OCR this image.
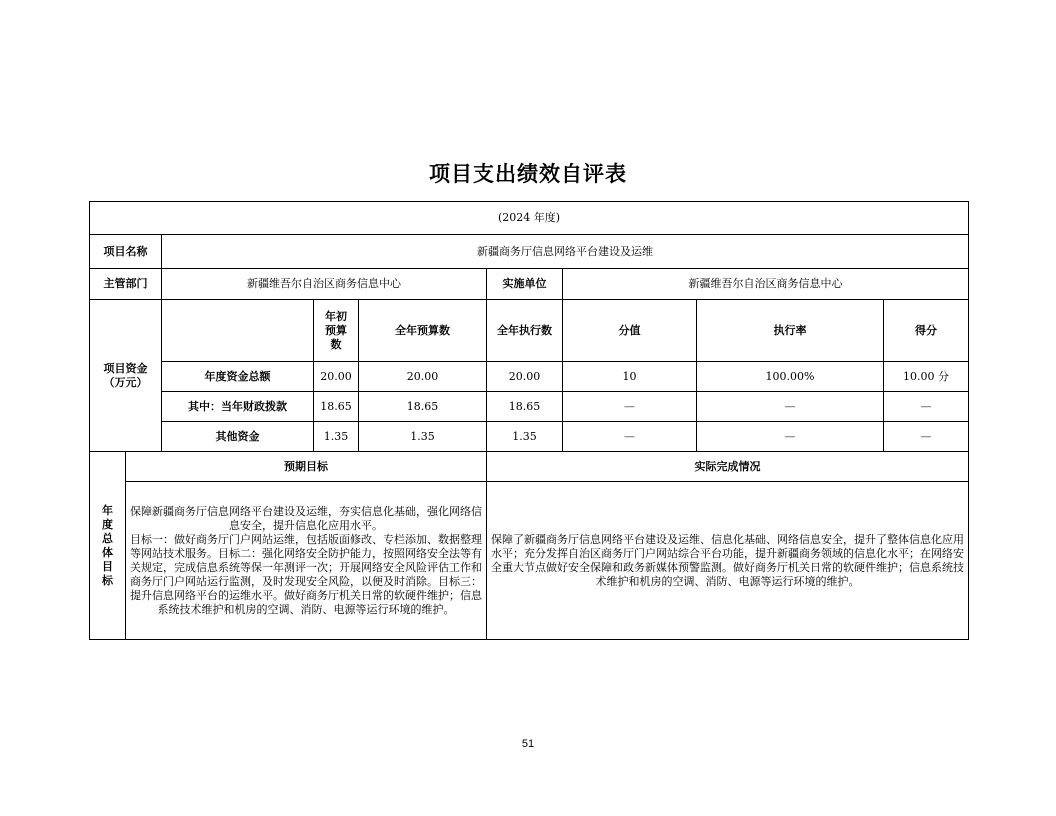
项目支出绩效自评表
(2024 年度)								
项目名称		新疆商务厅信息网络平台建设及运维						
主管部门		新疆维吾尔自治区商务信息中心			实施单位	新疆维吾尔自治区商务信息中心		

项目资金（万元）			年初预算数	全年预算数	全年执行数	分值	执行率	得分
		年度资金总额	20.00	20.00	20.00	10	100.00%	10.00 分
		其中：当年财政拨款	18.65	18.65	18.65	—	—	—
		其他资金	1.35	1.35	1.35	—	—	—

年度总体目标	预期目标				实际完成情况			

	保障新疆商务厅信息网络平台建设及运维，夯实信息化基础，强化网络信息安全，提升信息化应用水平。
目标一：做好商务厅门户网站运维，包括版面修改、专栏添加、数据整理等网站技术服务。目标二：强化网络安全防护能力，按照网络安全法等有关规定，完成信息系统等保一年测评一次；开展网络安全风险评估工作和商务厅门户网站运行监测，及时发现安全风险，以便及时消除。目标三：提升信息网络平台的运维水平。做好商务厅机关日常的软硬件维护；信息系统技术维护和机房的空调、消防、电源等运行环境的维护。				保障了新疆商务厅信息网络平台建设及运维、信息化基础、网络信息安全，提升了整体信息化应用水平；充分发挥自治区商务厅门户网站综合平台功能，提升新疆商务领域的信息化水平；在网络安全重大节点做好安全保障和政务新媒体预警监测。做好商务厅机关日常的软硬件维护；信息系统技术维护和机房的空调、消防、电源等运行环境的维护。			
51
